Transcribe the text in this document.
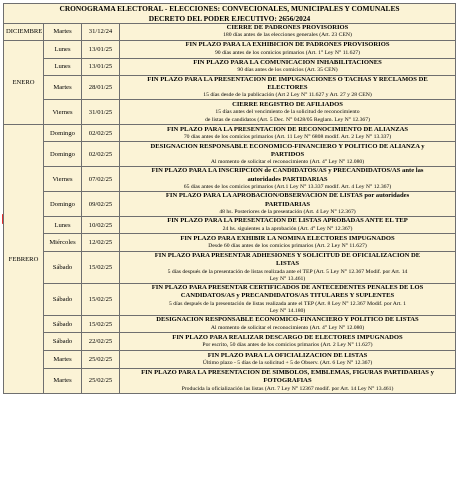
CRONOGRAMA ELECTORAL - ELECCIONES: CONVECIONALES, MUNICIPALES Y COMUNALES
DECRETO DEL PODER EJECUTIVO: 2656/2024			

DICIEMBRE	Martes	31/12/24	CIERRE DE PADRONES PROVISORIOS
180 días antes de las elecciones generales (Art. 23 CEN)

ENERO	Lunes	13/01/25	FIN PLAZO PARA LA EXHIBICION DE PADRONES PROVISORIOS
90 días antes de los comicios primarios (Art. 1° Ley N° 11.627)

	Lunes	13/01/25	FIN PLAZO PARA LA COMUNICACION INHABILITACIONES
90 días antes de los comicios (Art. 35 CEN)

	Martes	28/01/25	FIN PLAZO PARA LA PRESENTACION DE IMPUGNACIONES O TACHAS Y RECLAMOS DE
ELECTORES
15 días desde de la publicación (Art 2 Ley N° 11.627 y Art. 27 y 28 CEN)

	Viernes	31/01/25	CIERRE REGISTRO DE AFILIADOS
15 días antes del vencimiento de la solicitud de reconocimiento
de listas de candidatos (Art. 5 Dec. N° 0428/05 Reglam. Ley N° 12.367)

FEBRERO	Domingo	02/02/25	FIN PLAZO PARA LA PRESENTACION DE RECONOCIMIENTO DE ALIANZAS
70 días antes de los comicios primarios (Art. 11 Ley N° 6808 modif. Art. 2 Ley N° 13.337)

	Domingo	02/02/25	DESIGNACION RESPONSABLE ECONOMICO-FINANCIERO Y POLITICO DE ALIANZA y
PARTIDOS
Al momento de solicitar el reconocimiento (Art. 4° Ley N° 12.080)

	Viernes	07/02/25	FIN PLAZO PARA LA INSCRIPCION de CANDIDATOS/AS y PRECANDIDATOS/AS ante las
autoridades PARTIDARIAS
65 días antes de los comicios primarios (Art.1 Ley N° 13.337 modif. Art. 4 Ley N° 12.367)

	Domingo	09/02/25	FIN PLAZO PARA LA APROBACION/OBSERVACION DE LISTAS por autoridades
PARTIDARIAS
48 hs. Posteriores de la presentación (Art. 4 Ley N° 12.367)

	Lunes	10/02/25	FIN PLAZO PARA LA PRESENTACION DE LISTAS APROBADAS ANTE EL TEP
24 hs. siguientes a la aprobación (Art. 4° Ley N° 12.367)

	Miércoles	12/02/25	FIN PLAZO PARA EXHIBIR LA NOMINA ELECTORES IMPUGNADOS
Desde 60 días antes de los comicios primarios (Art. 2 Ley N° 11.627)

	Sábado	15/02/25	FIN PLAZO PARA PRESENTAR ADHESIONES Y SOLICITUD DE OFICIALIZACION DE
LISTAS
5 días después de la presentación de listas realizada ante el TEP (Art. 5 Ley N° 12.367 Modif. por Art. 14
Ley N° 13.461)

	Sábado	15/02/25	FIN PLAZO PARA PRESENTAR CERTIFICADOS DE ANTECEDENTES PENALES DE LOS
CANDIDATOS/AS y PRECANDIDATOS/AS TITULARES Y SUPLENTES
5 días después de la presentación de listas realizada ante el TEP (Art. 8 Ley N° 12.367 Modif. por Art. 1
Ley N° 14.180)

	Sábado	15/02/25	DESIGNACION RESPONSABLE ECONOMICO-FINANCIERO Y POLITICO DE LISTAS
Al momento de solicitar el reconocimiento (Art. 4° Ley N° 12.080)

	Sábado	22/02/25	FIN PLAZO PARA REALIZAR DESCARGO DE ELECTORES IMPUGNADOS
Por escrito, 50 días antes de los comicios primarios (Art. 2 Ley N° 11.627)

	Martes	25/02/25	FIN PLAZO PARA LA OFICIALIZACION DE LISTAS
Último plazo - 5 días de la solicitud + 5 de Observ. (Art. 6 Ley N° 12.367)

	Martes	25/02/25	FIN PLAZO PARA LA PRESENTACION DE SIMBOLOS, EMBLEMAS, FIGURAS PARTIDARIAS y
FOTOGRAFIAS
Producida la oficialización las listas (Art. 7 Ley N° 12367 modif. por Art. 14 Ley N° 13.461)
